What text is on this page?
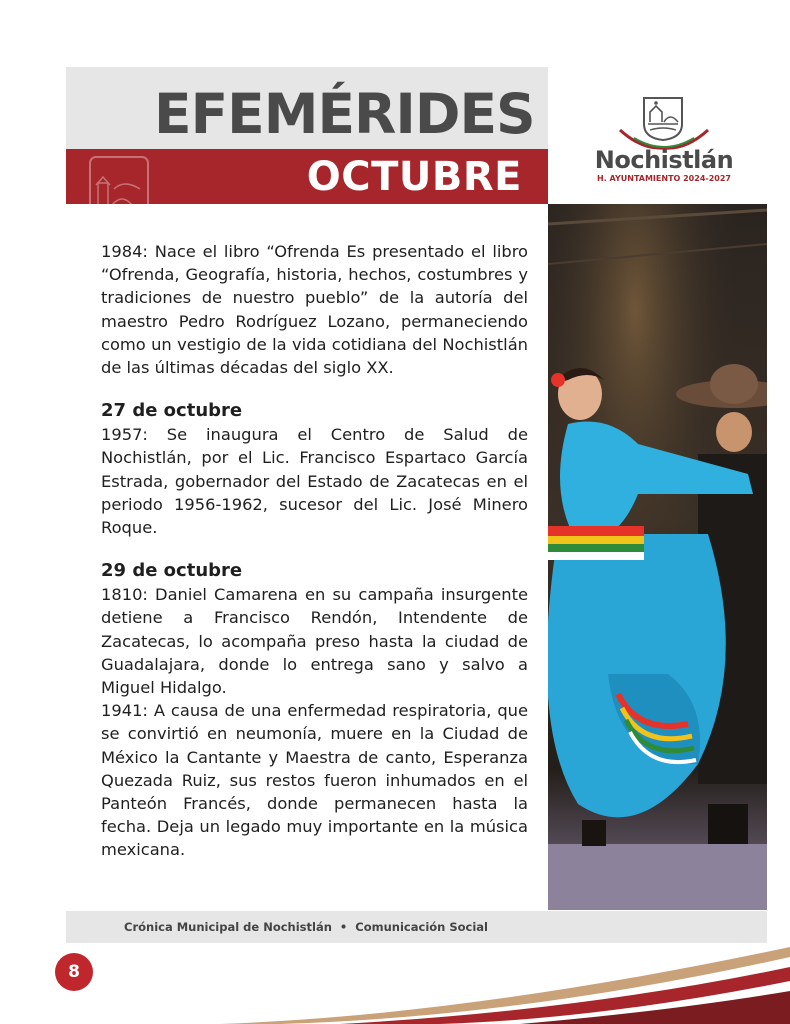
EFEMÉRIDES
OCTUBRE	Nochistlán
H. AYUNTAMIENTO 2024-2027

1984: Nace el libro “Ofrenda Es presentado el libro “Ofrenda, Geografía, historia, hechos, costumbres y tradiciones de nuestro pueblo” de la autoría del maestro Pedro Rodríguez Lozano, permaneciendo como un vestigio de la vida cotidiana del Nochistlán de las últimas décadas del siglo XX.

27 de octubre

1957: Se inaugura el Centro de Salud de Nochistlán, por el Lic. Francisco Espartaco García Estrada, gobernador del Estado de Zacatecas en el periodo 1956-1962, sucesor del Lic. José Minero Roque.

29 de octubre

1810: Daniel Camarena en su campaña insurgente detiene a Francisco Rendón, Intendente de Zacatecas, lo acompaña preso hasta la ciudad de Guadalajara, donde lo entrega sano y salvo a Miguel Hidalgo.

1941: A causa de una enfermedad respiratoria, que se convirtió en neumonía, muere en la Ciudad de México la Cantante y Maestra de canto, Esperanza Quezada Ruiz, sus restos fueron inhumados en el Panteón Francés, donde permanecen hasta la fecha. Deja un legado muy importante en la música mexicana.

Crónica Municipal de Nochistlán • Comunicación Social
8
